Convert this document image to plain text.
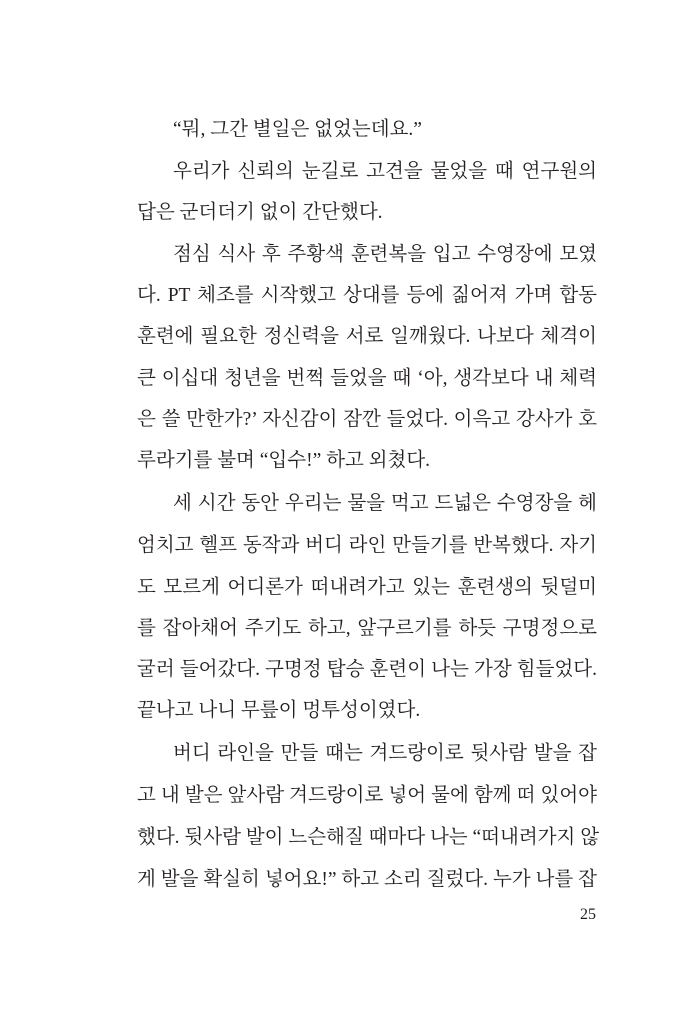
“뭐, 그간 별일은 없었는데요.”
우리가 신뢰의 눈길로 고견을 물었을 때 연구원의
답은 군더더기 없이 간단했다.
점심 식사 후 주황색 훈련복을 입고 수영장에 모였
다. PT 체조를 시작했고 상대를 등에 짊어져 가며 합동
훈련에 필요한 정신력을 서로 일깨웠다. 나보다 체격이
큰 이십대 청년을 번쩍 들었을 때 ‘아, 생각보다 내 체력
은 쓸 만한가?’ 자신감이 잠깐 들었다. 이윽고 강사가 호
루라기를 불며 “입수!” 하고 외쳤다.
세 시간 동안 우리는 물을 먹고 드넓은 수영장을 헤
엄치고 헬프 동작과 버디 라인 만들기를 반복했다. 자기
도 모르게 어디론가 떠내려가고 있는 훈련생의 뒷덜미
를 잡아채어 주기도 하고, 앞구르기를 하듯 구명정으로
굴러 들어갔다. 구명정 탑승 훈련이 나는 가장 힘들었다.
끝나고 나니 무릎이 멍투성이였다.
버디 라인을 만들 때는 겨드랑이로 뒷사람 발을 잡
고 내 발은 앞사람 겨드랑이로 넣어 물에 함께 떠 있어야
했다. 뒷사람 발이 느슨해질 때마다 나는 “떠내려가지 않
게 발을 확실히 넣어요!” 하고 소리 질렀다. 누가 나를 잡
25
